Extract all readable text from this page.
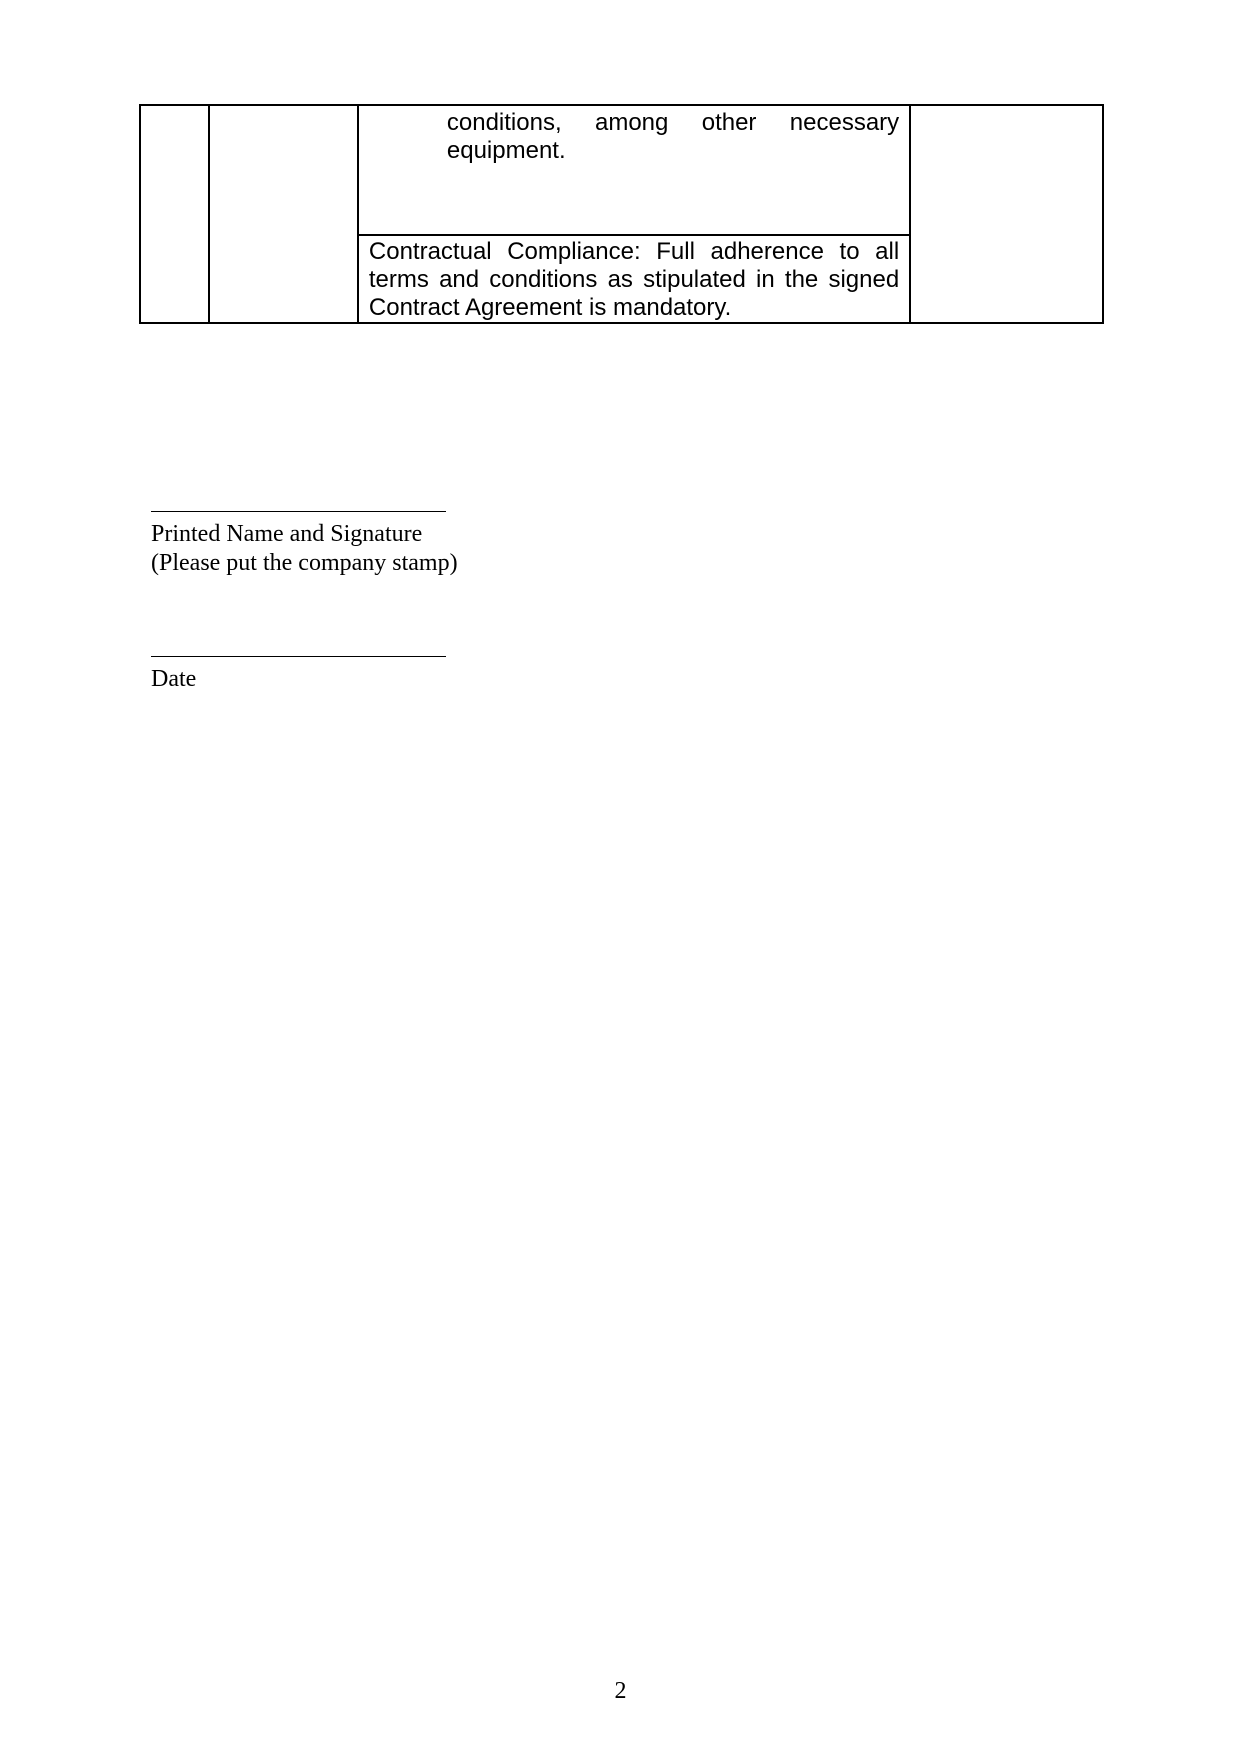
conditions, among other necessary equipment.

Contractual Compliance: Full adherence to all terms and conditions as stipulated in the signed Contract Agreement is mandatory.
Printed Name and Signature
(Please put the company stamp)
Date
2
